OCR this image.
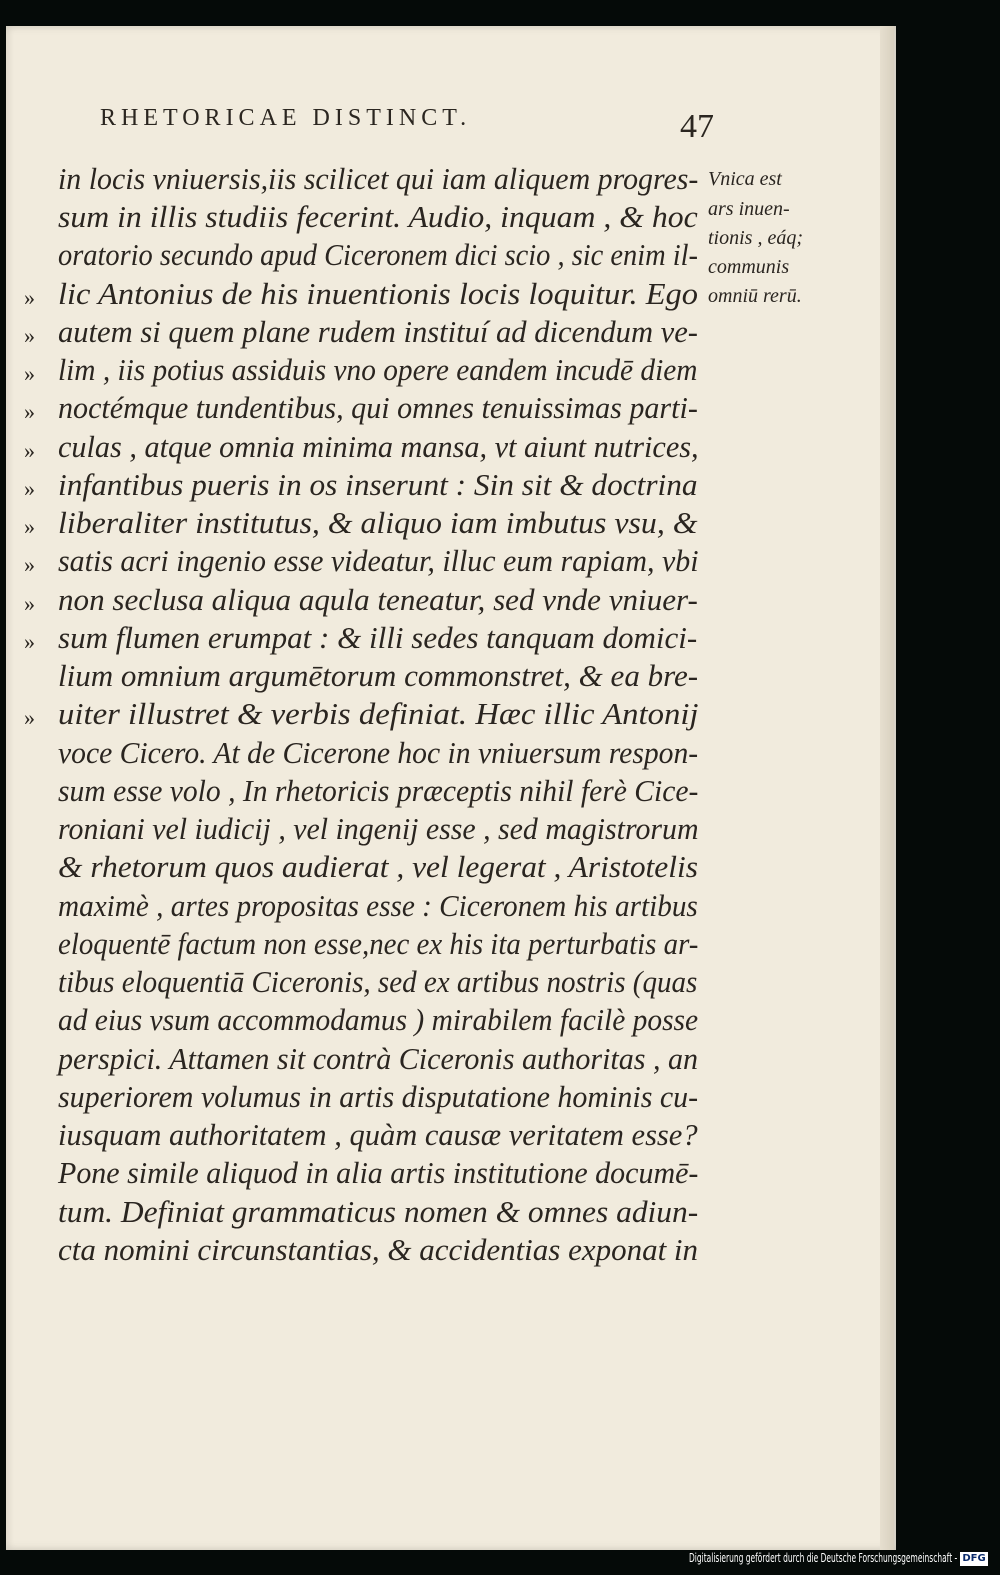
RHETORICAE DISTINCT.	47
in locis vniuersis,iis scilicet qui iam aliquem progres-
sum in illis studiis fecerint. Audio, inquam , & hoc
oratorio secundo apud Ciceronem dici scio , sic enim il-
lic Antonius de his inuentionis locis loquitur. Ego
autem si quem plane rudem instituí ad dicendum ve-
lim , iis potius assiduis vno opere eandem incudē diem
noctémque tundentibus, qui omnes tenuissimas parti-
culas , atque omnia minima mansa, vt aiunt nutrices,
infantibus pueris in os inserunt : Sin sit & doctrina
liberaliter institutus, & aliquo iam imbutus vsu, &
satis acri ingenio esse videatur, illuc eum rapiam, vbi
non seclusa aliqua aqula teneatur, sed vnde vniuer-
sum flumen erumpat : & illi sedes tanquam domici-
lium omnium argumētorum commonstret, & ea bre-
uiter illustret & verbis definiat. Hæc illic Antonij
voce Cicero. At de Cicerone hoc in vniuersum respon-
sum esse volo , In rhetoricis præceptis nihil ferè Cice-
roniani vel iudicij , vel ingenij esse , sed magistrorum
& rhetorum quos audierat , vel legerat , Aristotelis
maximè , artes propositas esse : Ciceronem his artibus
eloquentē factum non esse,nec ex his ita perturbatis ar-
tibus eloquentiā Ciceronis, sed ex artibus nostris (quas
ad eius vsum accommodamus ) mirabilem facilè posse
perspici. Attamen sit contrà Ciceronis authoritas , an
superiorem volumus in artis disputatione hominis cu-
iusquam authoritatem , quàm causæ veritatem esse?
Pone simile aliquod in alia artis institutione documē-
tum. Definiat grammaticus nomen & omnes adiun-
cta nomini circunstantias, & accidentias exponat in
»
»
»
»
»
»
»
»
»
»
»
Vnica est
ars inuen-
tionis , eáq;
communis
omniū rerū.
Digitalisierung gefördert durch die Deutsche Forschungsgemeinschaft - DFG
